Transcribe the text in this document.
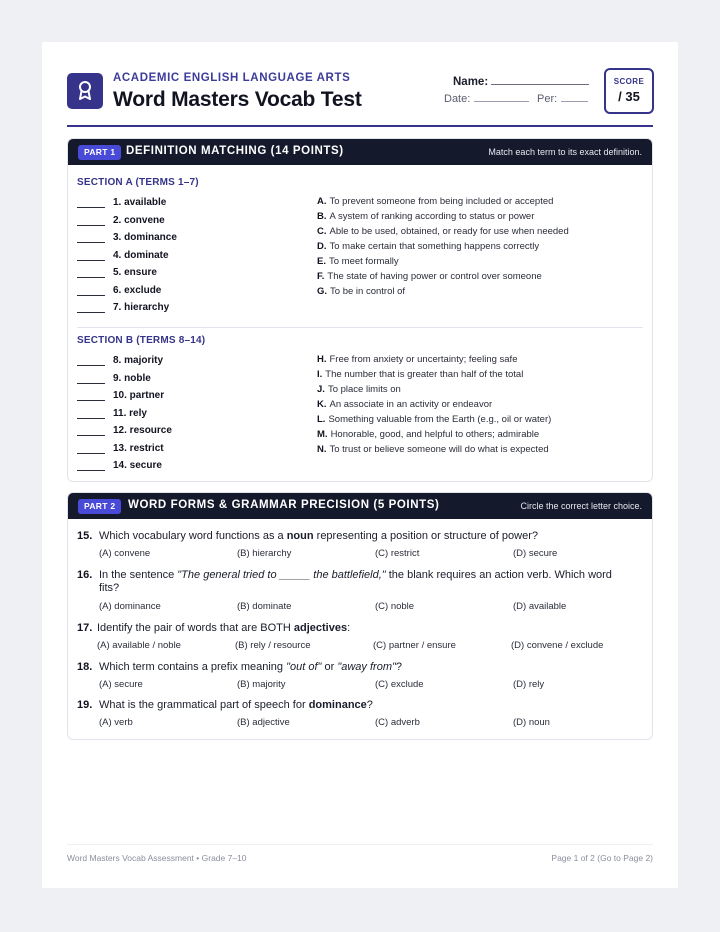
ACADEMIC ENGLISH LANGUAGE ARTS
Word Masters Vocab Test
Name:
Date:	Per:
SCORE
/ 35
PART 1 DEFINITION MATCHING (14 POINTS)	Match each term to its exact definition.
SECTION A (TERMS 1–7)
1. available
2. convene
3. dominance
4. dominate
5. ensure
6. exclude
7. hierarchy
A. To prevent someone from being included or accepted
B. A system of ranking according to status or power
C. Able to be used, obtained, or ready for use when needed
D. To make certain that something happens correctly
E. To meet formally
F. The state of having power or control over someone
G. To be in control of
SECTION B (TERMS 8–14)
8. majority
9. noble
10. partner
11. rely
12. resource
13. restrict
14. secure
H. Free from anxiety or uncertainty; feeling safe
I. The number that is greater than half of the total
J. To place limits on
K. An associate in an activity or endeavor
L. Something valuable from the Earth (e.g., oil or water)
M. Honorable, good, and helpful to others; admirable
N. To trust or believe someone will do what is expected
PART 2	WORD FORMS & GRAMMAR PRECISION (5 POINTS)	Circle the correct letter choice.
15. Which vocabulary word functions as a noun representing a position or structure of power?
(A) convene	(B) hierarchy	(C) restrict	(D) secure
16. In the sentence "The general tried to _____ the battlefield," the blank requires an action verb. Which word fits?
(A) dominance	(B) dominate	(C) noble	(D) available
17. Identify the pair of words that are BOTH adjectives:
(A) available / noble	(B) rely / resource	(C) partner / ensure	(D) convene / exclude
18. Which term contains a prefix meaning "out of" or "away from"?
(A) secure	(B) majority	(C) exclude	(D) rely
19. What is the grammatical part of speech for dominance?
(A) verb	(B) adjective	(C) adverb	(D) noun
Word Masters Vocab Assessment • Grade 7–10	Page 1 of 2 (Go to Page 2)
